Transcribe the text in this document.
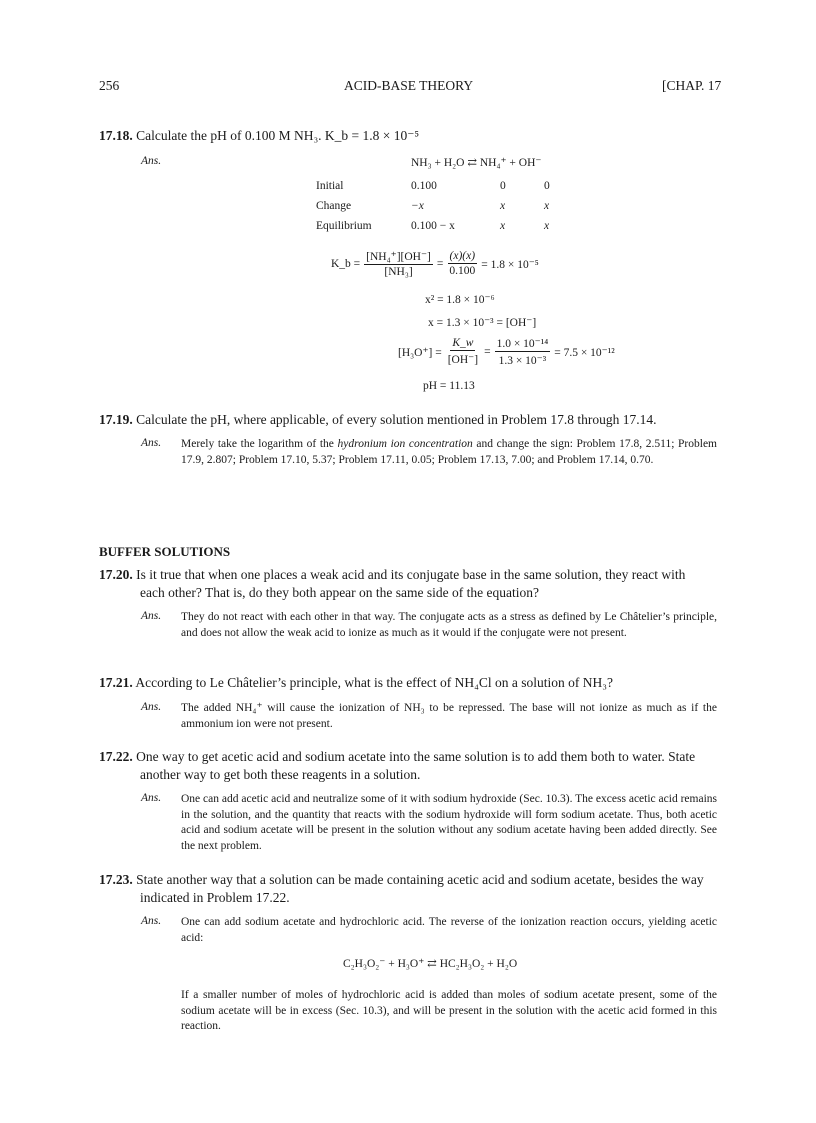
256	ACID-BASE THEORY	[CHAP. 17
17.18. Calculate the pH of 0.100 M NH₃. K_b = 1.8 × 10⁻⁵
Ans.	NH₃ + H₂O ⇄ NH₄⁺ + OH⁻
Initial	0.100	0	0
Change	−x	x	x
Equilibrium	0.100 − x	x	x
K_b = $\frac{\text{[NH₄⁺][OH⁻]}}{\text{[NH₃]}} = \frac{(x)(x)}{0.100} = 1.8 \times 10^{-5}$
x² = 1.8 × 10⁻⁶
x = 1.3 × 10⁻³ = [OH⁻]
$[H_3O^+] = \frac{K\_w}{[OH^-]} = \frac{\text{1.0 × 10⁻¹⁴}}{\text{1.3 × 10⁻³}} = 7.5 \times 10^{-12}$
pH = 11.13
17.19. Calculate the pH, where applicable, of every solution mentioned in Problem 17.8 through 17.14.
Ans. Merely take the logarithm of the hydronium ion concentration and change the sign: Problem 17.8, 2.511; Problem 17.9, 2.807; Problem 17.10, 5.37; Problem 17.11, 0.05; Problem 17.13, 7.00; and Problem 17.14, 0.70.
BUFFER SOLUTIONS
17.20. Is it true that when one places a weak acid and its conjugate base in the same solution, they react with
each other? That is, do they both appear on the same side of the equation?
Ans. They do not react with each other in that way. The conjugate acts as a stress as defined by Le Châtelier’s principle, and does not allow the weak acid to ionize as much as it would if the conjugate were not present.
17.21. According to Le Châtelier’s principle, what is the effect of NH₄Cl on a solution of NH₃?
Ans. The added NH₄⁺ will cause the ionization of NH₃ to be repressed. The base will not ionize as much as if the ammonium ion were not present.
17.22. One way to get acetic acid and sodium acetate into the same solution is to add them both to water. State
another way to get both these reagents in a solution.
Ans. One can add acetic acid and neutralize some of it with sodium hydroxide (Sec. 10.3). The excess acetic acid remains in the solution, and the quantity that reacts with the sodium hydroxide will form sodium acetate. Thus, both acetic acid and sodium acetate will be present in the solution without any sodium acetate having been added directly. See the next problem.
17.23. State another way that a solution can be made containing acetic acid and sodium acetate, besides the way
indicated in Problem 17.22.
Ans. One can add sodium acetate and hydrochloric acid. The reverse of the ionization reaction occurs, yielding acetic acid:
C₂H₃O₂⁻ + H₃O⁺ ⇄ HC₂H₃O₂ + H₂O
If a smaller number of moles of hydrochloric acid is added than moles of sodium acetate present, some of the sodium acetate will be in excess (Sec. 10.3), and will be present in the solution with the acetic acid formed in this reaction.
